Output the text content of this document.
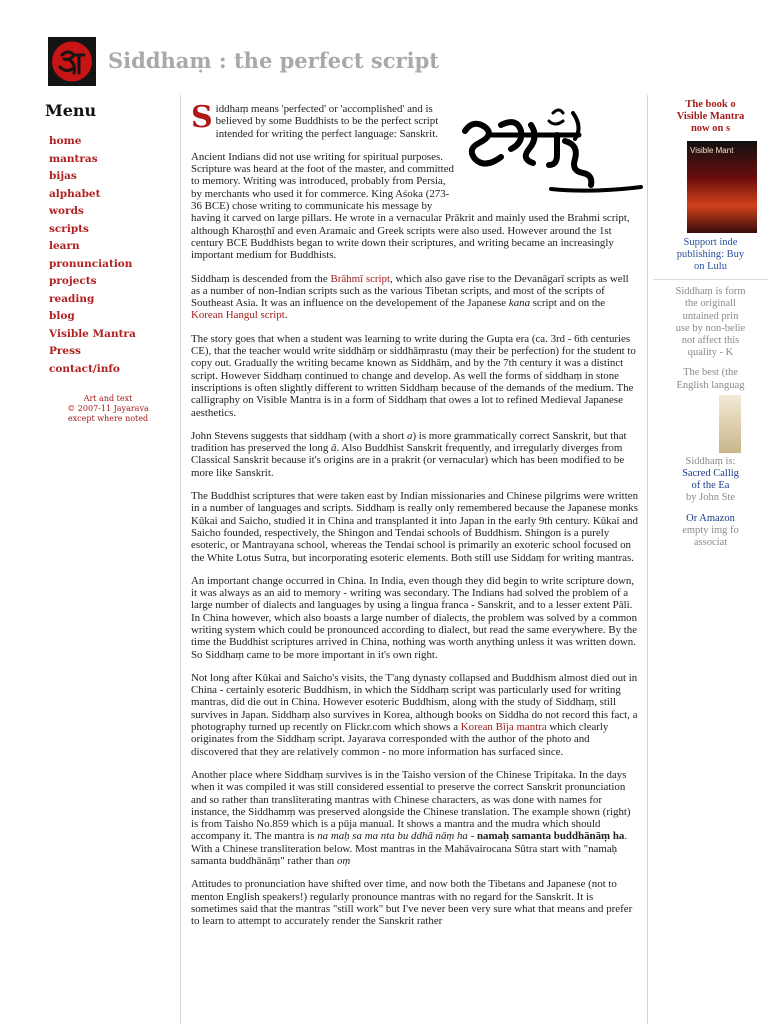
Siddhaṃ : the perfect script
Menu
home
mantras
bijas
alphabet
words
scripts
learn
pronunciation
projects
reading
blog
Visible Mantra Press
contact/info
Art and text
© 2007-11 Jayarava
except where noted

Siddhaṃ means 'perfected' or 'accomplished' and is believed by some Buddhists to be the perfect script intended for writing the perfect language: Sanskrit.

Ancient Indians did not use writing for spiritual purposes. Scripture was heard at the foot of the master, and committed to memory. Writing was introduced, probably from Persia, by merchants who used it for commerce. King Aśoka (273-36 BCE) chose writing to communicate his message by having it carved on large pillars. He wrote in a vernacular Prākrit and mainly used the Brahmi script, although Kharoṣṭhī and even Aramaic and Greek scripts were also used. However around the 1st century BCE Buddhists began to write down their scriptures, and writing became an increasingly important medium for Buddhists.

Siddhaṃ is descended from the Brāhmī script, which also gave rise to the Devanāgarī scripts as well as a number of non-Indian scripts such as the various Tibetan scripts, and most of the scripts of Southeast Asia. It was an influence on the developement of the Japanese kana script and on the Korean Hangul script.

The story goes that when a student was learning to write during the Gupta era (ca. 3rd - 6th centuries CE), that the teacher would write siddhāṃ or siddhāṃrastu (may their be perfection) for the student to copy out. Gradually the writing became known as Siddhāṃ, and by the 7th century it was a distinct script. However Siddhaṃ continued to change and develop. As well the forms of siddhaṃ in stone inscriptions is often slightly different to written Siddhaṃ because of the demands of the medium. The calligraphy on Visible Mantra is in a form of Siddhaṃ that owes a lot to refined Medieval Japanese aesthetics.

John Stevens suggests that siddhaṃ (with a short a) is more grammatically correct Sanskrit, but that tradition has preserved the long ā. Also Buddhist Sanskrit frequently, and irregularly diverges from Classical Sanskrit because it's origins are in a prakrit (or vernacular) which has been modified to be more like Sanskrit.

The Buddhist scriptures that were taken east by Indian missionaries and Chinese pilgrims were written in a number of languages and scripts. Siddhaṃ is really only remembered because the Japanese monks Kūkai and Saicho, studied it in China and transplanted it into Japan in the early 9th century. Kūkai and Saicho founded, respectively, the Shingon and Tendai schools of Buddhism. Shingon is a purely esoteric, or Mantrayana school, whereas the Tendai school is primarily an exoteric school focused on the White Lotus Sutra, but incorporating esoteric elements. Both still use Siddaṃ for writing mantras.

An important change occurred in China. In India, even though they did begin to write scripture down, it was always as an aid to memory - writing was secondary. The Indians had solved the problem of a large number of dialects and languages by using a lingua franca - Sanskrit, and to a lesser extent Pāli. In China however, which also boasts a large number of dialects, the problem was solved by a common writing system which could be pronounced according to dialect, but read the same everywhere. By the time the Buddhist scriptures arrived in China, nothing was worth anything unless it was written down. So Siddhaṃ came to be more important in it's own right.

Not long after Kūkai and Saicho's visits, the T'ang dynasty collapsed and Buddhism almost died out in China - certainly esoteric Buddhism, in which the Siddhaṃ script was particularly used for writing mantras, did die out in China. However esoteric Buddhism, along with the study of Siddhaṃ, still survives in Japan. Siddhaṃ also survives in Korea, although books on Siddha do not record this fact, a photography turned up recently on Flickr.com which shows a Korean Bīja mantra which clearly originates from the Siddhaṃ script. Jayarava corresponded with the author of the photo and discovered that they are relatively common - no more information has surfaced since.

Another place where Siddhaṃ survives is in the Taisho version of the Chinese Tripitaka. In the days when it was compiled it was still considered essential to preserve the correct Sanskrit pronunciation and so rather than transliterating mantras with Chinese characters, as was done with names for instance, the Siddhamṃ was preserved alongside the Chinese translation. The example shown (right) is from Taisho No.859 which is a pūja manual. It shows a mantra and the mudra which should accompany it. The mantra is na maḥ sa ma nta bu ddhā nāṃ ha - namaḥ samanta buddhānāṃ ha. With a Chinese transliteration below. Most mantras in the Mahāvairocana Sūtra start with "namaḥ samanta buddhānāṃ" rather than oṃ

Attitudes to pronunciation have shifted over time, and now both the Tibetans and Japanese (not to menton English speakers!) regularly pronounce mantras with no regard for the Sanskrit. It is sometimes said that the mantras "still work" but I've never been very sure what that means and prefer to learn to attempt to accurately render the Sanskrit rather

The book o
Visible Mantra
now on s
Visible Mant
Support inde
publishing: Buy
on Lulu
Siddhaṃ is form
the originall
untained prin
use by non-belie
not affect this
quality - K
The best (the
English languag
Siddhaṃ is:
Sacred Callig
of the Ea
by John Ste
Or Amazon
empty img fo
associat
